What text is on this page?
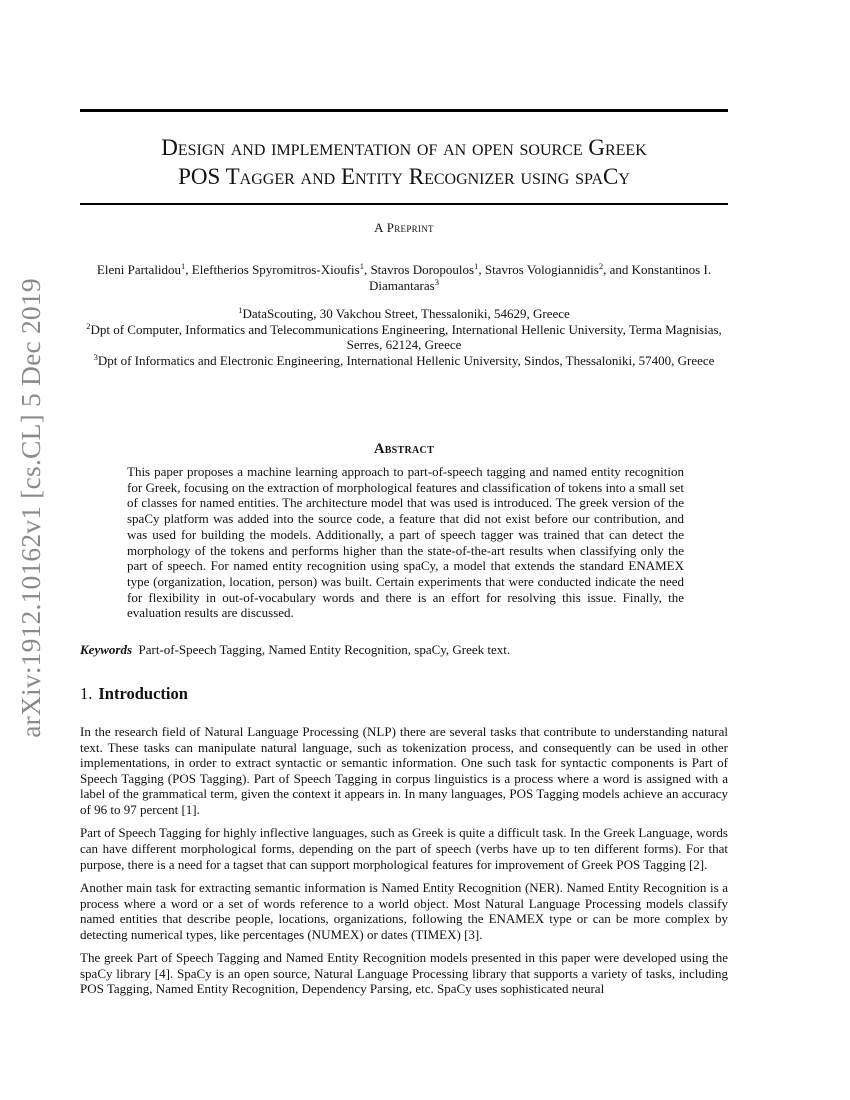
arXiv:1912.10162v1 [cs.CL] 5 Dec 2019
Design and implementation of an open source Greek
POS Tagger and Entity Recognizer using spaCy
A Preprint
Eleni Partalidou$^1$, Eleftherios Spyromitros-Xioufis$^1$, Stavros Doropoulos$^1$, Stavros Vologiannidis$^2$, and Konstantinos I. Diamantaras$^3$
$^1$DataScouting, 30 Vakchou Street, Thessaloniki, 54629, Greece
$^2$Dpt of Computer, Informatics and Telecommunications Engineering, International Hellenic University, Terma Magnisias, Serres, 62124, Greece
$^3$Dpt of Informatics and Electronic Engineering, International Hellenic University, Sindos, Thessaloniki, 57400, Greece
Abstract
This paper proposes a machine learning approach to part-of-speech tagging and named entity recognition for Greek, focusing on the extraction of morphological features and classification of tokens into a small set of classes for named entities. The architecture model that was used is introduced. The greek version of the spaCy platform was added into the source code, a feature that did not exist before our contribution, and was used for building the models. Additionally, a part of speech tagger was trained that can detect the morphology of the tokens and performs higher than the state-of-the-art results when classifying only the part of speech. For named entity recognition using spaCy, a model that extends the standard ENAMEX type (organization, location, person) was built. Certain experiments that were conducted indicate the need for flexibility in out-of-vocabulary words and there is an effort for resolving this issue. Finally, the evaluation results are discussed.
Keywords Part-of-Speech Tagging, Named Entity Recognition, spaCy, Greek text.
1. Introduction

In the research field of Natural Language Processing (NLP) there are several tasks that contribute to understanding natural text. These tasks can manipulate natural language, such as tokenization process, and consequently can be used in other implementations, in order to extract syntactic or semantic information. One such task for syntactic components is Part of Speech Tagging (POS Tagging). Part of Speech Tagging in corpus linguistics is a process where a word is assigned with a label of the grammatical term, given the context it appears in. In many languages, POS Tagging models achieve an accuracy of 96 to 97 percent [1].

Part of Speech Tagging for highly inflective languages, such as Greek is quite a difficult task. In the Greek Language, words can have different morphological forms, depending on the part of speech (verbs have up to ten different forms). For that purpose, there is a need for a tagset that can support morphological features for improvement of Greek POS Tagging [2].

Another main task for extracting semantic information is Named Entity Recognition (NER). Named Entity Recognition is a process where a word or a set of words reference to a world object. Most Natural Language Processing models classify named entities that describe people, locations, organizations, following the ENAMEX type or can be more complex by detecting numerical types, like percentages (NUMEX) or dates (TIMEX) [3].

The greek Part of Speech Tagging and Named Entity Recognition models presented in this paper were developed using the spaCy library [4]. SpaCy is an open source, Natural Language Processing library that supports a variety of tasks, including POS Tagging, Named Entity Recognition, Dependency Parsing, etc. SpaCy uses sophisticated neural
